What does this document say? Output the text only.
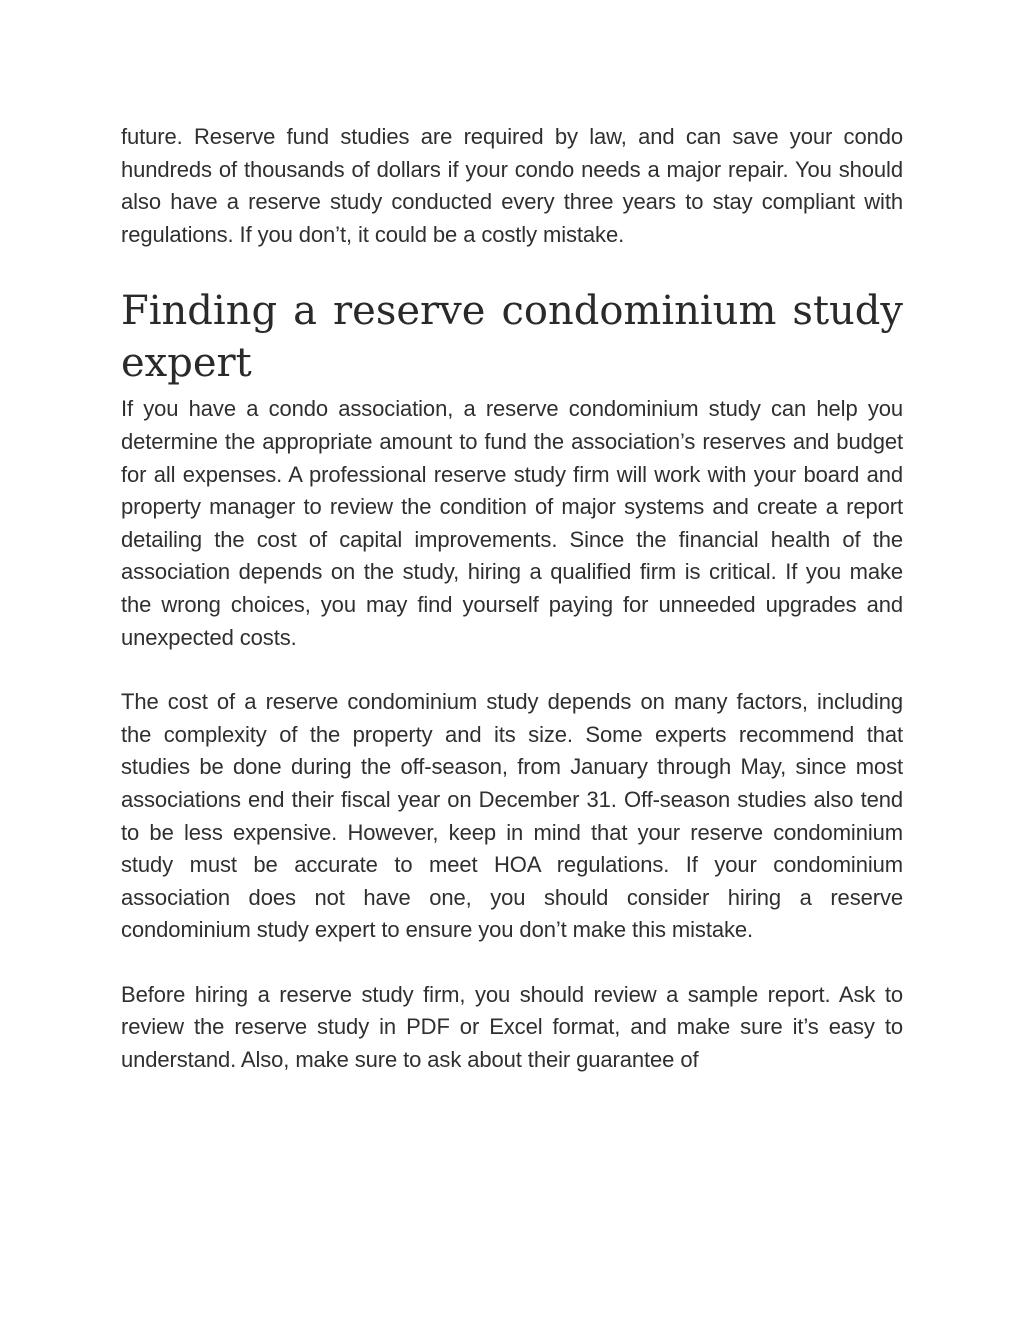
future. Reserve fund studies are required by law, and can save your condo hundreds of thousands of dollars if your condo needs a major repair. You should also have a reserve study conducted every three years to stay compliant with regulations. If you don’t, it could be a costly mistake.

Finding a reserve condominium study expert

If you have a condo association, a reserve condominium study can help you determine the appropriate amount to fund the association’s reserves and budget for all expenses. A professional reserve study firm will work with your board and property manager to review the condition of major systems and create a report detailing the cost of capital improvements. Since the financial health of the association depends on the study, hiring a qualified firm is critical. If you make the wrong choices, you may find yourself paying for unneeded upgrades and unexpected costs.

The cost of a reserve condominium study depends on many factors, including the complexity of the property and its size. Some experts recommend that studies be done during the off-season, from January through May, since most associations end their fiscal year on December 31. Off-season studies also tend to be less expensive. However, keep in mind that your reserve condominium study must be accurate to meet HOA regulations. If your condominium association does not have one, you should consider hiring a reserve condominium study expert to ensure you don’t make this mistake.

Before hiring a reserve study firm, you should review a sample report. Ask to review the reserve study in PDF or Excel format, and make sure it’s easy to understand. Also, make sure to ask about their guarantee of
